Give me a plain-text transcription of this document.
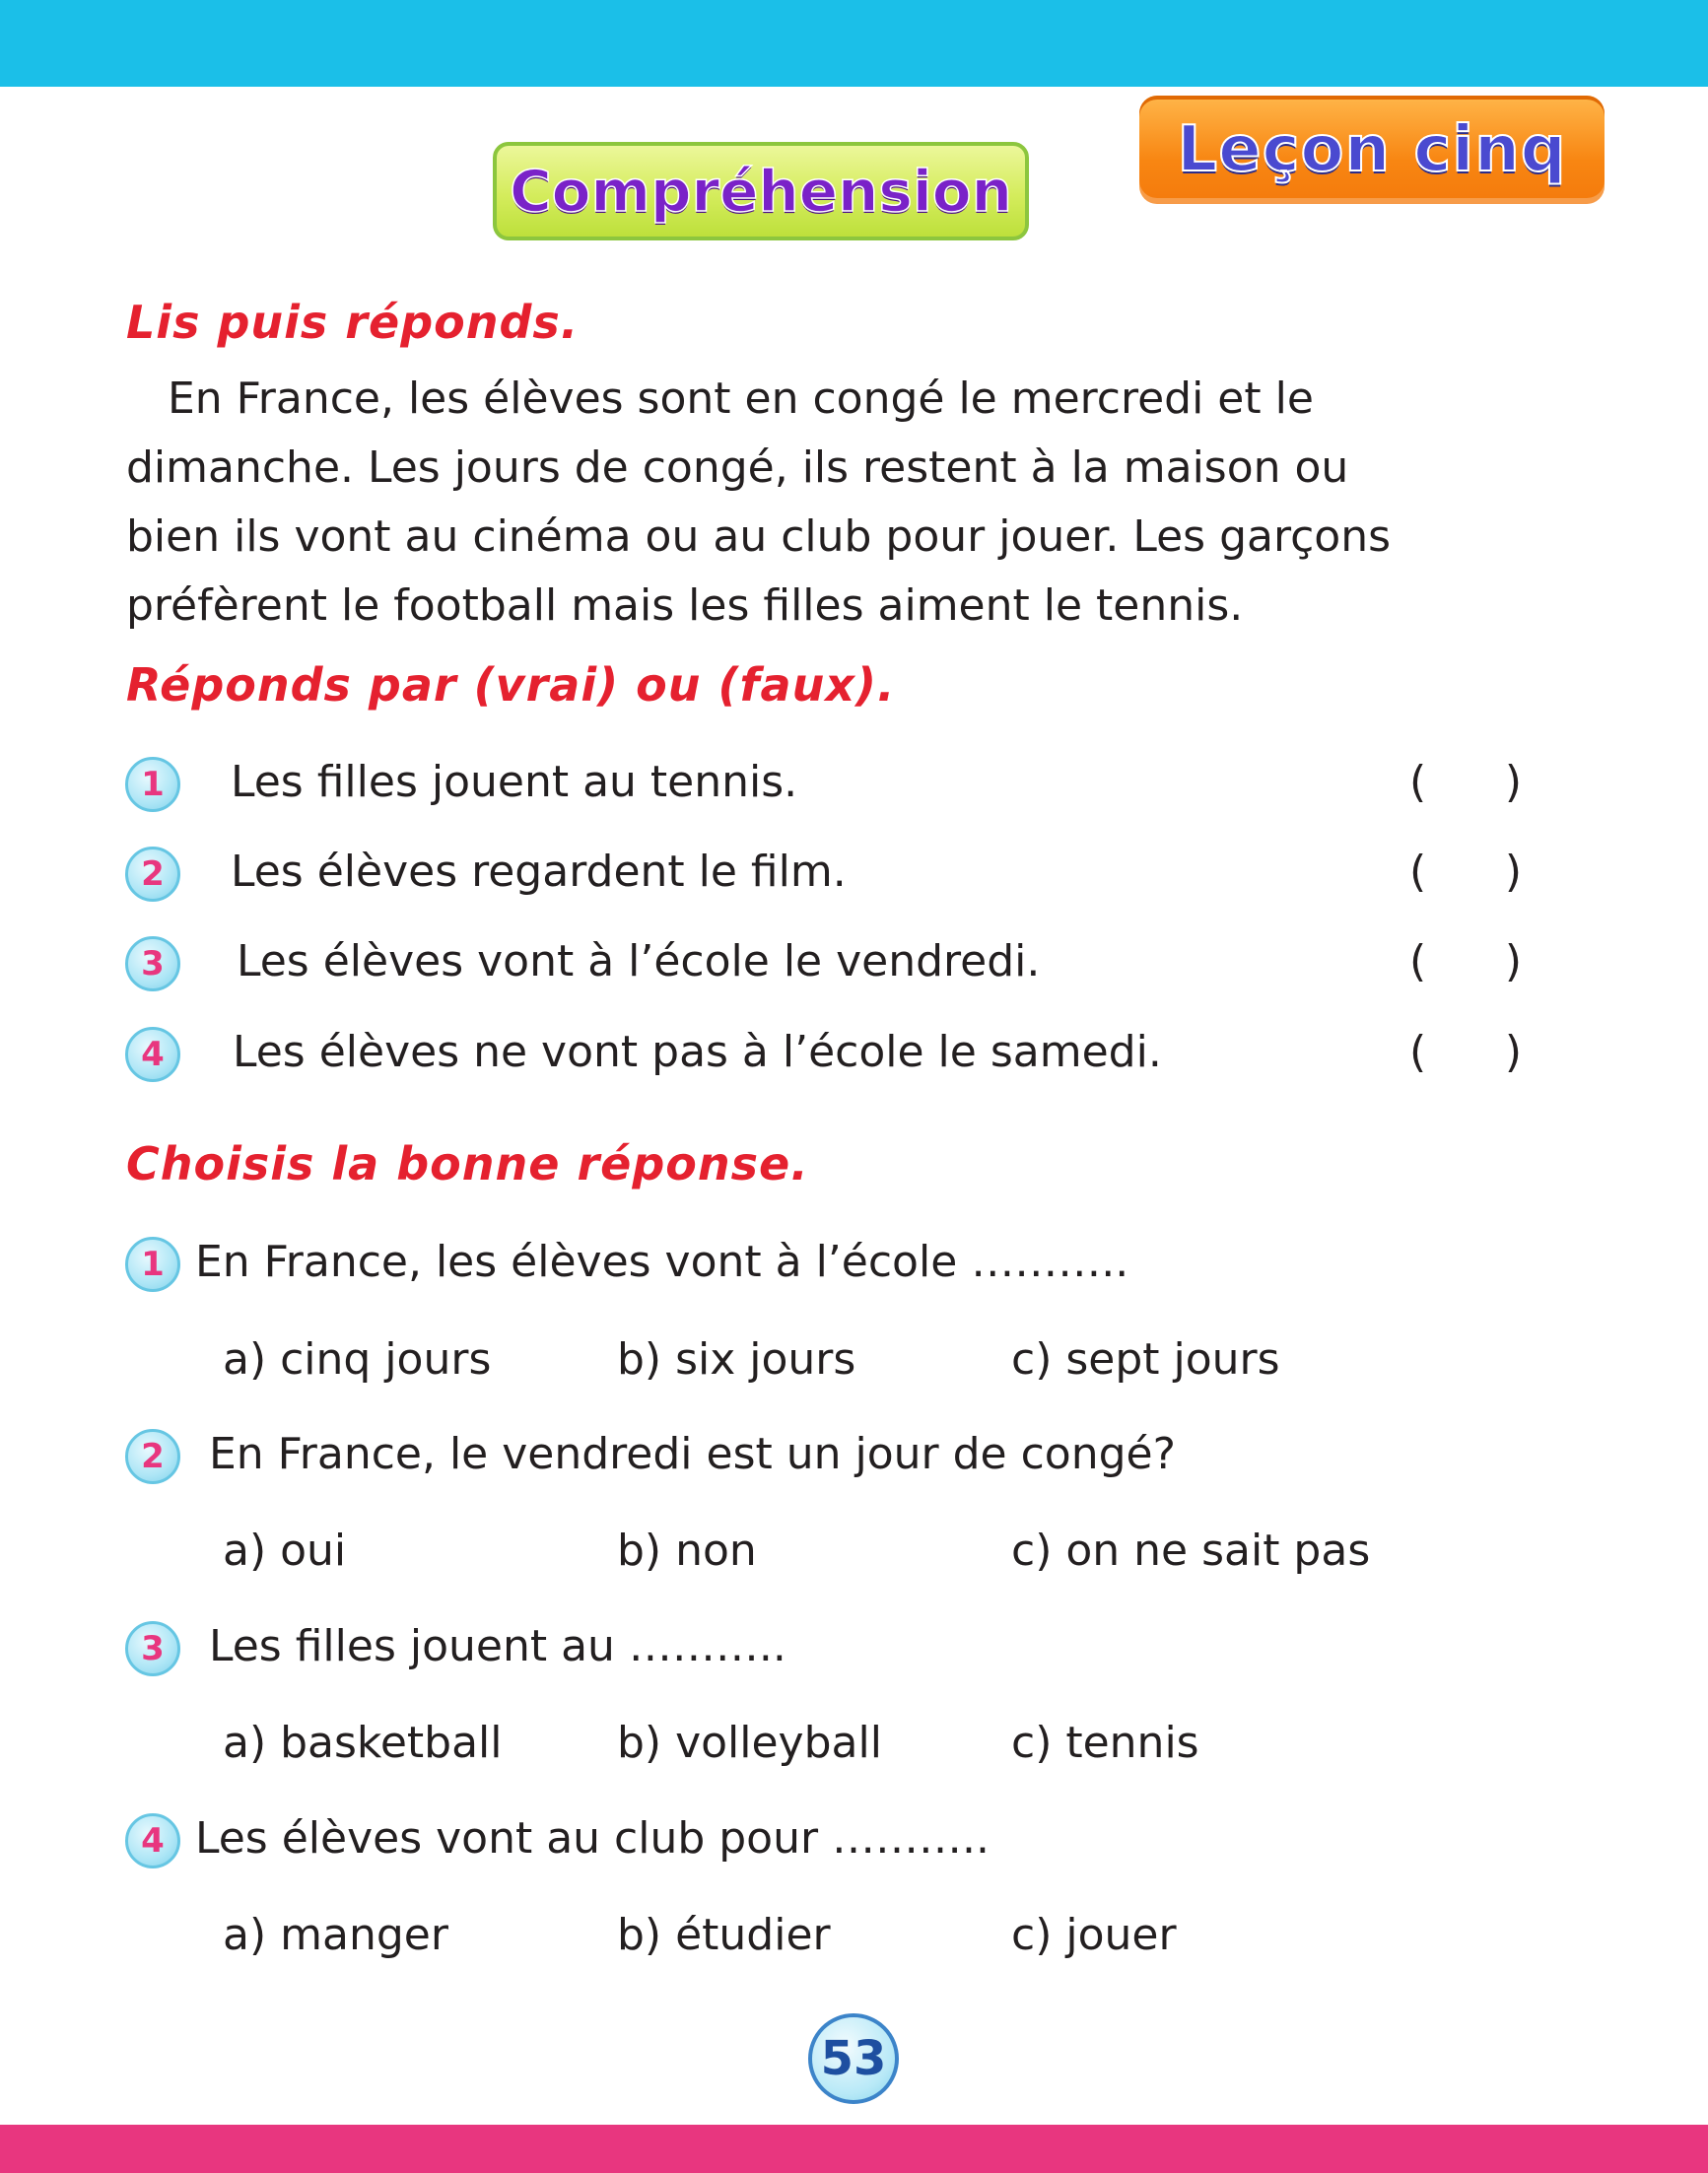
Compréhension
Leçon cinq
Lis puis réponds.
En France, les élèves sont en congé le mercredi et le
dimanche. Les jours de congé, ils restent à la maison ou
bien ils vont au cinéma ou au club pour jouer. Les garçons
préfèrent le football mais les filles aiment le tennis.
Réponds par (vrai) ou (faux).
1	Les filles jouent au tennis.	( )
2	Les élèves regardent le film.	( )
3	Les élèves vont à l’école le vendredi.	( )
4	Les élèves ne vont pas à l’école le samedi.	( )
Choisis la bonne réponse.
1 En France, les élèves vont à l’école ………..
a) cinq jours	b) six jours	c) sept jours
2	En France, le vendredi est un jour de congé?
a) oui	b) non	c) on ne sait pas
3	Les filles jouent au ………..
a) basketball	b) volleyball	c) tennis
4 Les élèves vont au club pour ………..
a) manger	b) étudier	c) jouer
53
